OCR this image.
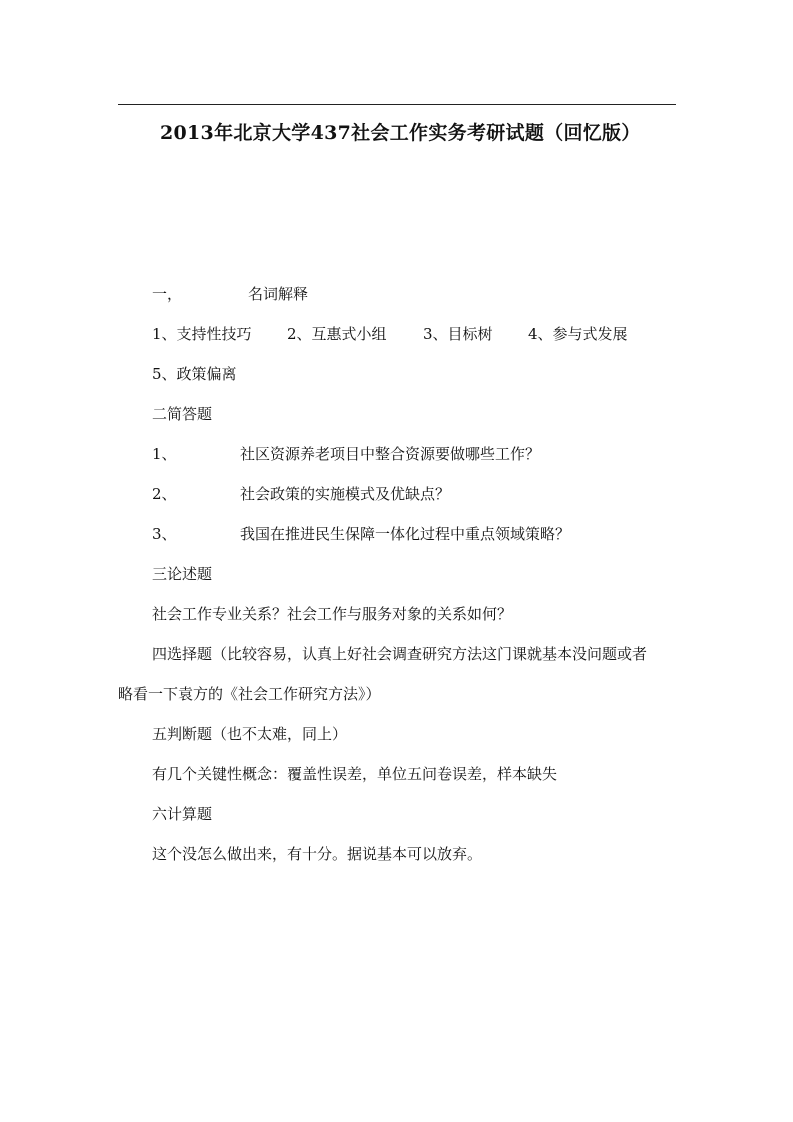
2013年北京大学437社会工作实务考研试题（回忆版）
一，	名词解释
1、支持性技巧 2、互惠式小组 3、目标树 4、参与式发展
5、政策偏离
二简答题
1、	社区资源养老项目中整合资源要做哪些工作？
2、	社会政策的实施模式及优缺点？
3、	我国在推进民生保障一体化过程中重点领域策略？
三论述题
社会工作专业关系？社会工作与服务对象的关系如何？
四选择题（比较容易，认真上好社会调查研究方法这门课就基本没问题或者
略看一下袁方的《社会工作研究方法》）
五判断题（也不太难，同上）
有几个关键性概念：覆盖性误差，单位五问卷误差，样本缺失
六计算题
这个没怎么做出来，有十分。据说基本可以放弃。
